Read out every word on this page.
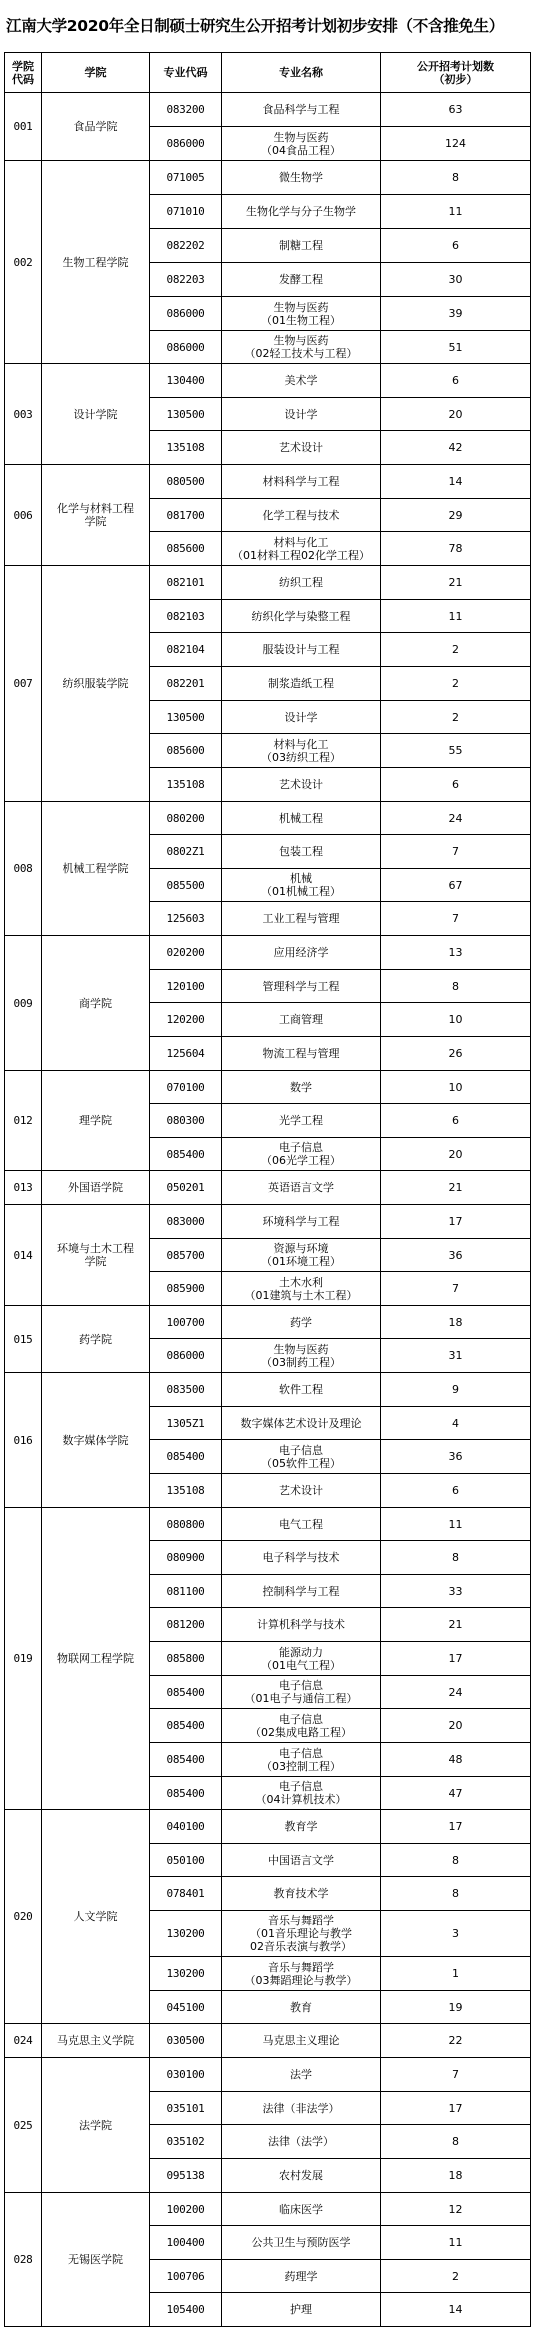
江南大学2020年全日制硕士研究生公开招考计划初步安排（不含推免生）
学院
代码	学院	专业代码	专业名称	公开招考计划数
（初步）
001	食品学院	083200	食品科学与工程	63
		086000	生物与医药
（04食品工程）	124
002	生物工程学院	071005	微生物学	8
		071010	生物化学与分子生物学	11
		082202	制糖工程	6
		082203	发酵工程	30
		086000	生物与医药
（01生物工程）	39
		086000	生物与医药
（02轻工技术与工程）	51
003	设计学院	130400	美术学	6
		130500	设计学	20
		135108	艺术设计	42
006	化学与材料工程
学院	080500	材料科学与工程	14
		081700	化学工程与技术	29
		085600	材料与化工
（01材料工程02化学工程）	78
007	纺织服装学院	082101	纺织工程	21
		082103	纺织化学与染整工程	11
		082104	服装设计与工程	2
		082201	制浆造纸工程	2
		130500	设计学	2
		085600	材料与化工
（03纺织工程）	55
		135108	艺术设计	6
008	机械工程学院	080200	机械工程	24
		0802Z1	包装工程	7
		085500	机械
（01机械工程）	67
		125603	工业工程与管理	7
009	商学院	020200	应用经济学	13
		120100	管理科学与工程	8
		120200	工商管理	10
		125604	物流工程与管理	26
012	理学院	070100	数学	10
		080300	光学工程	6
		085400	电子信息
（06光学工程）	20
013	外国语学院	050201	英语语言文学	21
014	环境与土木工程
学院	083000	环境科学与工程	17
		085700	资源与环境
（01环境工程）	36
		085900	土木水利
（01建筑与土木工程）	7
015	药学院	100700	药学	18
		086000	生物与医药
（03制药工程）	31
016	数字媒体学院	083500	软件工程	9
		1305Z1	数字媒体艺术设计及理论	4
		085400	电子信息
（05软件工程）	36
		135108	艺术设计	6
019	物联网工程学院	080800	电气工程	11
		080900	电子科学与技术	8
		081100	控制科学与工程	33
		081200	计算机科学与技术	21
		085800	能源动力
（01电气工程）	17
		085400	电子信息
（01电子与通信工程）	24
		085400	电子信息
（02集成电路工程）	20
		085400	电子信息
（03控制工程）	48
		085400	电子信息
（04计算机技术）	47
020	人文学院	040100	教育学	17
		050100	中国语言文学	8
		078401	教育技术学	8
		130200	音乐与舞蹈学
（01音乐理论与教学
02音乐表演与教学）	3
		130200	音乐与舞蹈学
（03舞蹈理论与教学）	1
		045100	教育	19
024	马克思主义学院	030500	马克思主义理论	22
025	法学院	030100	法学	7
		035101	法律（非法学）	17
		035102	法律（法学）	8
		095138	农村发展	18
028	无锡医学院	100200	临床医学	12
		100400	公共卫生与预防医学	11
		100706	药理学	2
		105400	护理	14
